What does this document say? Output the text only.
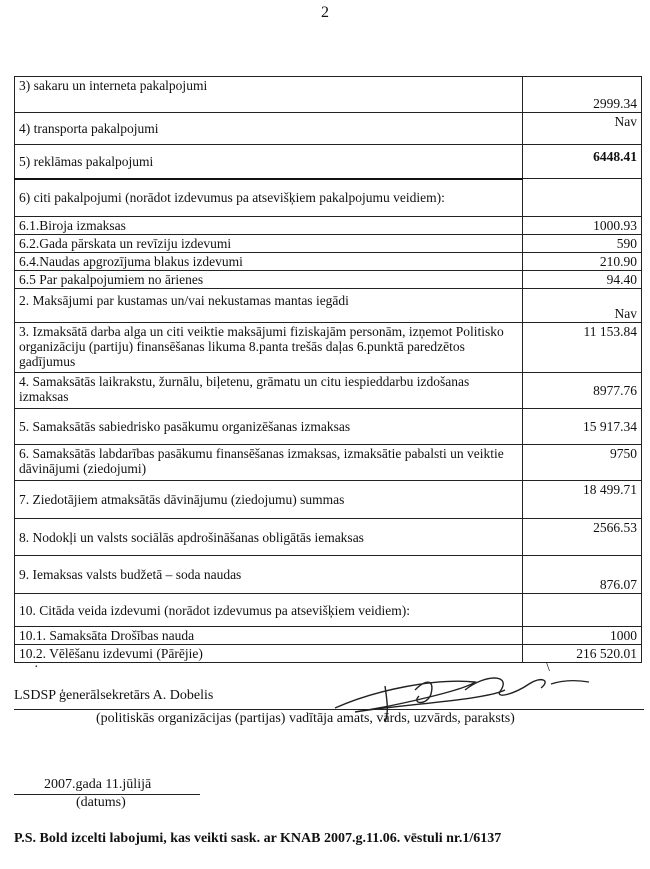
2
3) sakaru un interneta pakalpojumi	2999.34
4) transporta pakalpojumi	Nav
5) reklāmas pakalpojumi	6448.41
6) citi pakalpojumi (norādot izdevumus pa atsevišķiem pakalpojumu veidiem):	
6.1.Biroja izmaksas	1000.93
6.2.Gada pārskata un revīziju izdevumi	590
6.4.Naudas apgrozījuma blakus izdevumi	210.90
6.5 Par pakalpojumiem no ārienes	94.40
2. Maksājumi par kustamas un/vai nekustamas mantas iegādi	Nav
3. Izmaksātā darba alga un citi veiktie maksājumi fiziskajām personām, izņemot Politisko organizāciju (partiju) finansēšanas likuma 8.panta trešās daļas 6.punktā paredzētos gadījumus	11 153.84
4. Samaksātās laikrakstu, žurnālu, biļetenu, grāmatu un citu iespieddarbu izdošanas izmaksas	8977.76
5. Samaksātās sabiedrisko pasākumu organizēšanas izmaksas	15 917.34
6. Samaksātās labdarības pasākumu finansēšanas izmaksas, izmaksātie pabalsti un veiktie dāvinājumi (ziedojumi)	9750
7. Ziedotājiem atmaksātās dāvinājumu (ziedojumu) summas	18 499.71
8. Nodokļi un valsts sociālās apdrošināšanas obligātās iemaksas	2566.53
9. Iemaksas valsts budžetā – soda naudas	876.07
10. Citāda veida izdevumi (norādot izdevumus pa atsevišķiem veidiem):	
10.1. Samaksāta Drošības nauda	1000
10.2. Vēlēšanu izdevumi (Pārējie)	216 520.01
·	\
LSDSP ģenerālsekretārs A. Dobelis
(politiskās organizācijas (partijas) vadītāja amats, vārds, uzvārds, paraksts)
2007.gada 11.jūlijā
(datums)
P.S. Bold izcelti labojumi, kas veikti sask. ar KNAB 2007.g.11.06. vēstuli nr.1/6137
